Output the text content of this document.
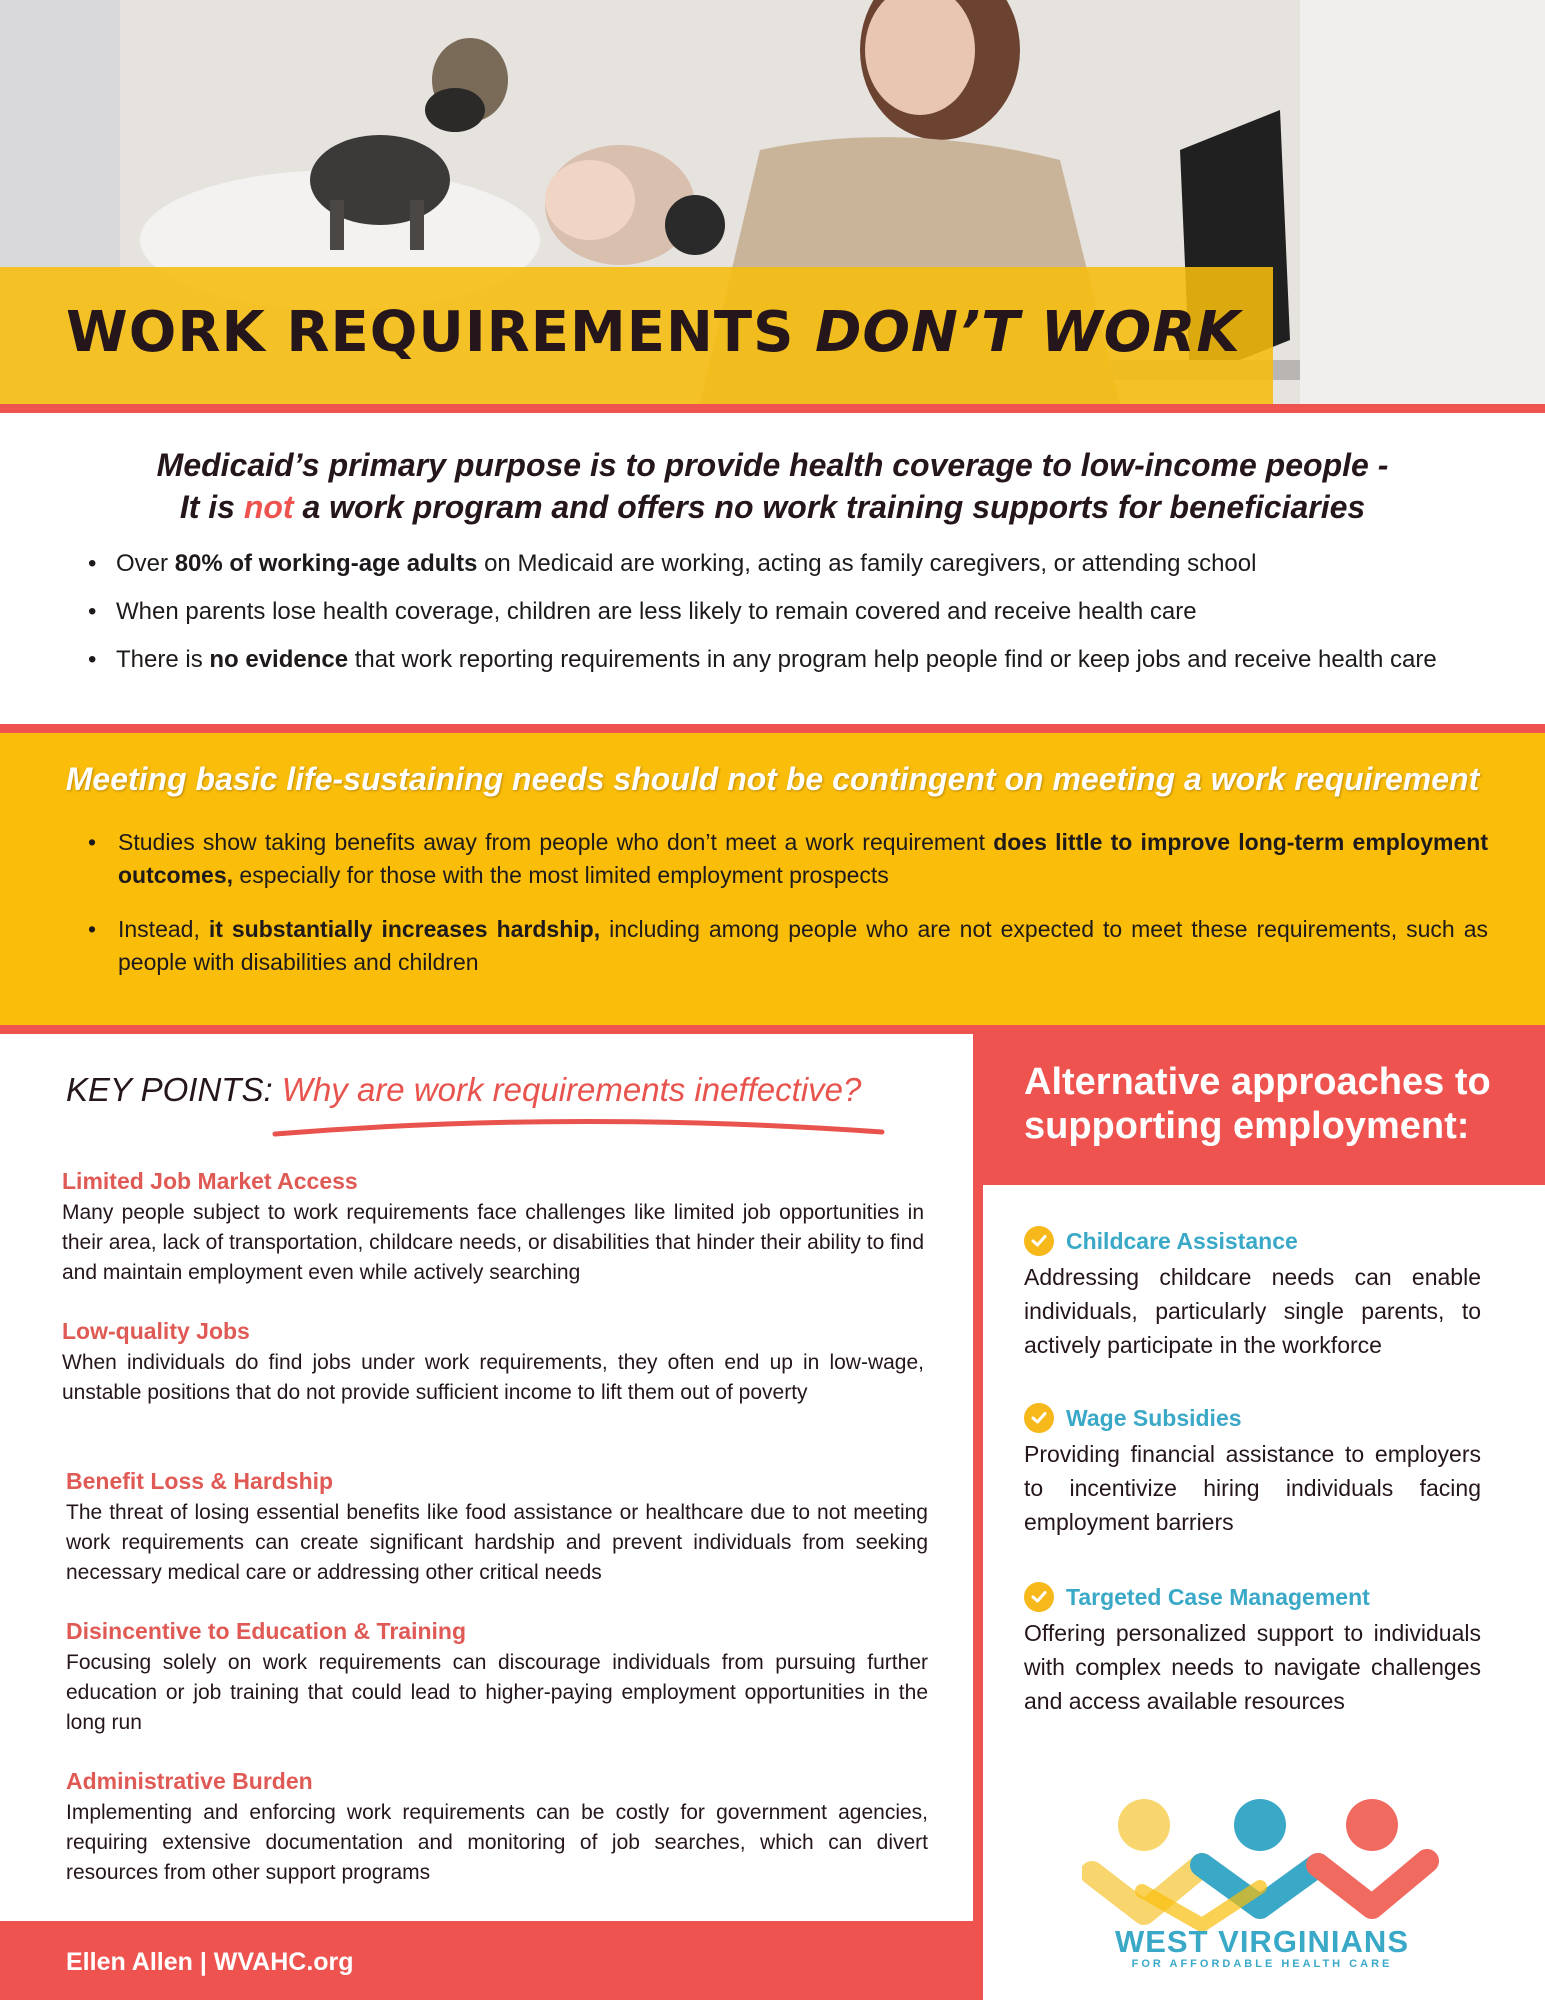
WORK REQUIREMENTS DON’T WORK
Medicaid’s primary purpose is to provide health coverage to low-income people -
It is not a work program and offers no work training supports for beneficiaries
• Over 80% of working-age adults on Medicaid are working, acting as family caregivers, or attending school
• When parents lose health coverage, children are less likely to remain covered and receive health care
• There is no evidence that work reporting requirements in any program help people find or keep jobs and receive health care
Meeting basic life-sustaining needs should not be contingent on meeting a work requirement
• Studies show taking benefits away from people who don’t meet a work requirement does little to improve long-term employment outcomes, especially for those with the most limited employment prospects
• Instead, it substantially increases hardship, including among people who are not expected to meet these requirements, such as people with disabilities and children
KEY POINTS: Why are work requirements ineffective?
Limited Job Market Access
Many people subject to work requirements face challenges like limited job opportunities in their area, lack of transportation, childcare needs, or disabilities that hinder their ability to find and maintain employment even while actively searching
Low-quality Jobs
When individuals do find jobs under work requirements, they often end up in low-wage, unstable positions that do not provide sufficient income to lift them out of poverty
Benefit Loss & Hardship
The threat of losing essential benefits like food assistance or healthcare due to not meeting work requirements can create significant hardship and prevent individuals from seeking necessary medical care or addressing other critical needs
Disincentive to Education & Training
Focusing solely on work requirements can discourage individuals from pursuing further education or job training that could lead to higher-paying employment opportunities in the long run
Administrative Burden
Implementing and enforcing work requirements can be costly for government agencies, requiring extensive documentation and monitoring of job searches, which can divert resources from other support programs
Alternative approaches to
supporting employment:
Childcare Assistance
Addressing childcare needs can enable individuals, particularly single parents, to actively participate in the workforce
Wage Subsidies
Providing financial assistance to employers to incentivize hiring individuals facing employment barriers
Targeted Case Management
Offering personalized support to individuals with complex needs to navigate challenges and access available resources
WEST VIRGINIANS
FOR AFFORDABLE HEALTH CARE
Ellen Allen | WVAHC.org
